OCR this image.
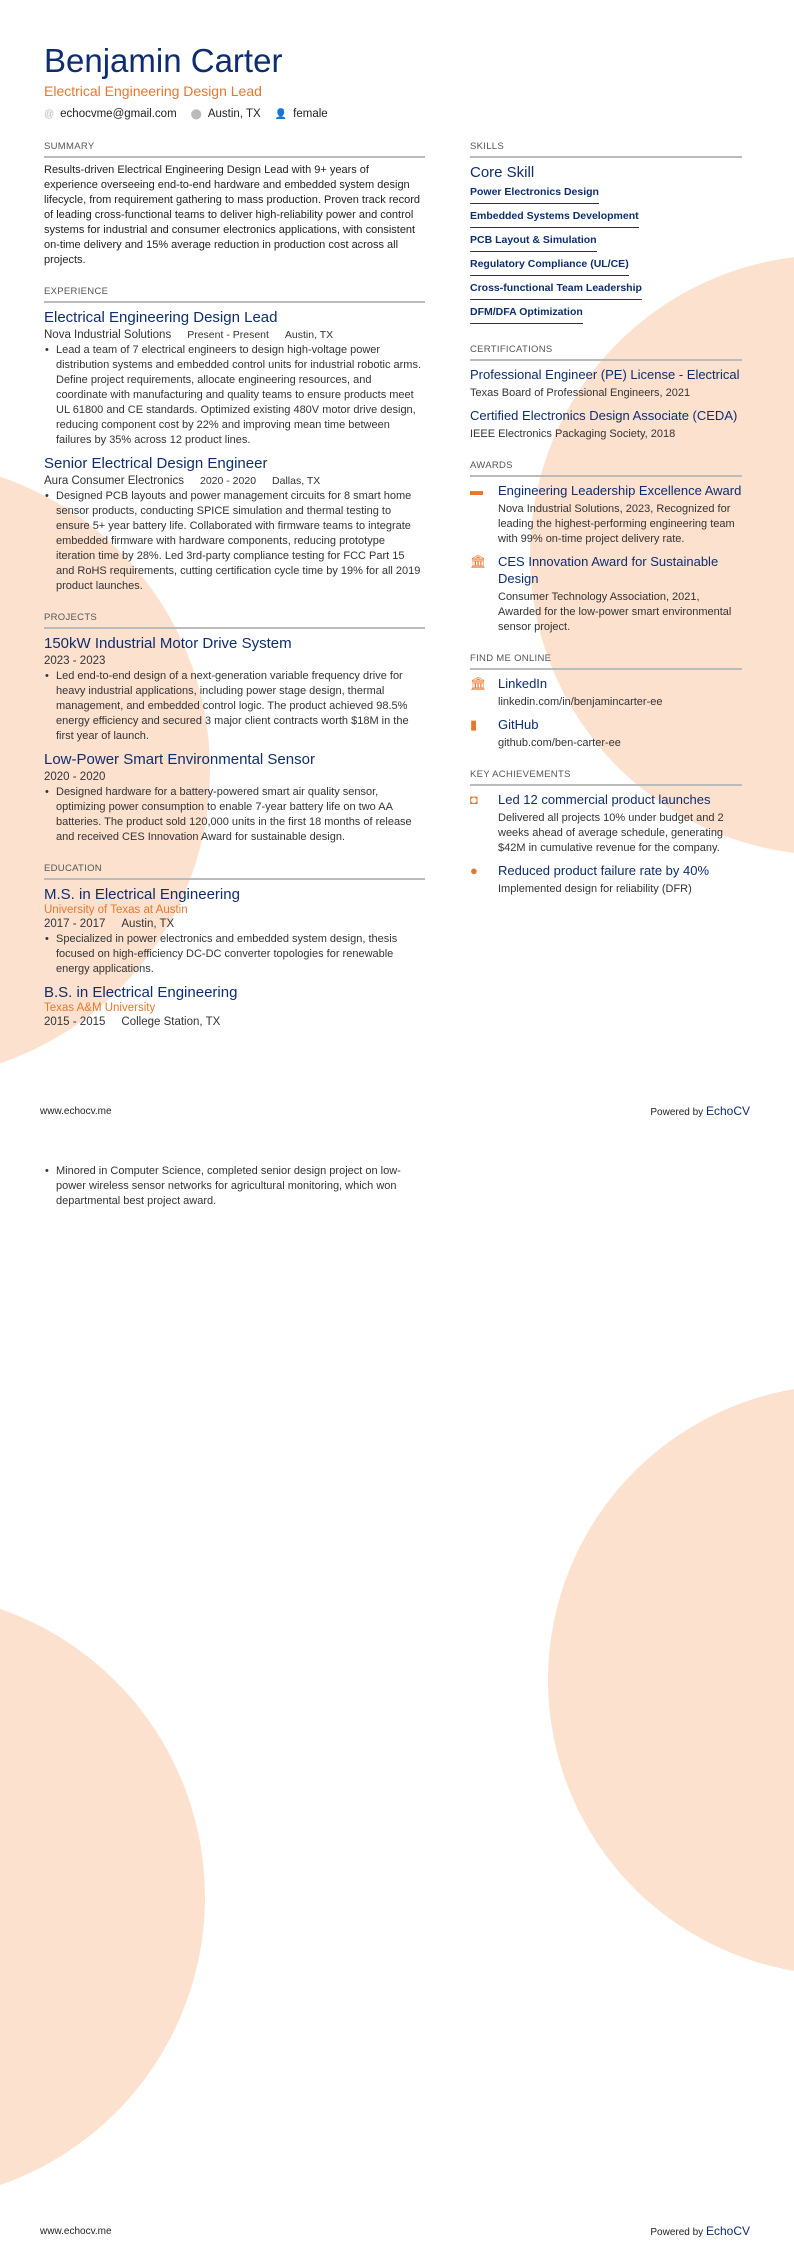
Benjamin Carter
Electrical Engineering Design Lead
@ echocvme@gmail.com ⬤ Austin, TX 👤 female
SUMMARY
Results-driven Electrical Engineering Design Lead with 9+ years of experience overseeing end-to-end hardware and embedded system design lifecycle, from requirement gathering to mass production. Proven track record of leading cross-functional teams to deliver high-reliability power and control systems for industrial and consumer electronics applications, with consistent on-time delivery and 15% average reduction in production cost across all projects.
EXPERIENCE
Electrical Engineering Design Lead
Nova Industrial Solutions Present - Present Austin, TX
• Lead a team of 7 electrical engineers to design high-voltage power distribution systems and embedded control units for industrial robotic arms. Define project requirements, allocate engineering resources, and coordinate with manufacturing and quality teams to ensure products meet UL 61800 and CE standards. Optimized existing 480V motor drive design, reducing component cost by 22% and improving mean time between failures by 35% across 12 product lines.
Senior Electrical Design Engineer
Aura Consumer Electronics 2020 - 2020 Dallas, TX
• Designed PCB layouts and power management circuits for 8 smart home sensor products, conducting SPICE simulation and thermal testing to ensure 5+ year battery life. Collaborated with firmware teams to integrate embedded firmware with hardware components, reducing prototype iteration time by 28%. Led 3rd-party compliance testing for FCC Part 15 and RoHS requirements, cutting certification cycle time by 19% for all 2019 product launches.
PROJECTS
150kW Industrial Motor Drive System
2023 - 2023
• Led end-to-end design of a next-generation variable frequency drive for heavy industrial applications, including power stage design, thermal management, and embedded control logic. The product achieved 98.5% energy efficiency and secured 3 major client contracts worth $18M in the first year of launch.
Low-Power Smart Environmental Sensor
2020 - 2020
• Designed hardware for a battery-powered smart air quality sensor, optimizing power consumption to enable 7-year battery life on two AA batteries. The product sold 120,000 units in the first 18 months of release and received CES Innovation Award for sustainable design.
EDUCATION
M.S. in Electrical Engineering
University of Texas at Austin
2017 - 2017 Austin, TX
• Specialized in power electronics and embedded system design, thesis focused on high-efficiency DC-DC converter topologies for renewable energy applications.
B.S. in Electrical Engineering
Texas A&M University
2015 - 2015 College Station, TX
SKILLS
Core Skill
Power Electronics Design
Embedded Systems Development
PCB Layout & Simulation
Regulatory Compliance (UL/CE)
Cross-functional Team Leadership
DFM/DFA Optimization
CERTIFICATIONS
Professional Engineer (PE) License - Electrical
Texas Board of Professional Engineers, 2021
Certified Electronics Design Associate (CEDA)
IEEE Electronics Packaging Society, 2018
AWARDS
▬ Engineering Leadership Excellence Award
Nova Industrial Solutions, 2023, Recognized for leading the highest-performing engineering team with 99% on-time project delivery rate.
🏛 CES Innovation Award for Sustainable Design
Consumer Technology Association, 2021, Awarded for the low-power smart environmental sensor project.
FIND ME ONLINE
🏛 LinkedIn
linkedin.com/in/benjamincarter-ee
▮	GitHub
github.com/ben-carter-ee
KEY ACHIEVEMENTS
◘	Led 12 commercial product launches
Delivered all projects 10% under budget and 2 weeks ahead of average schedule, generating $42M in cumulative revenue for the company.
●	Reduced product failure rate by 40%
Implemented design for reliability (DFR)
www.echocv.me	Powered by EchoCV
• Minored in Computer Science, completed senior design project on low-power wireless sensor networks for agricultural monitoring, which won departmental best project award.
www.echocv.me	Powered by EchoCV
